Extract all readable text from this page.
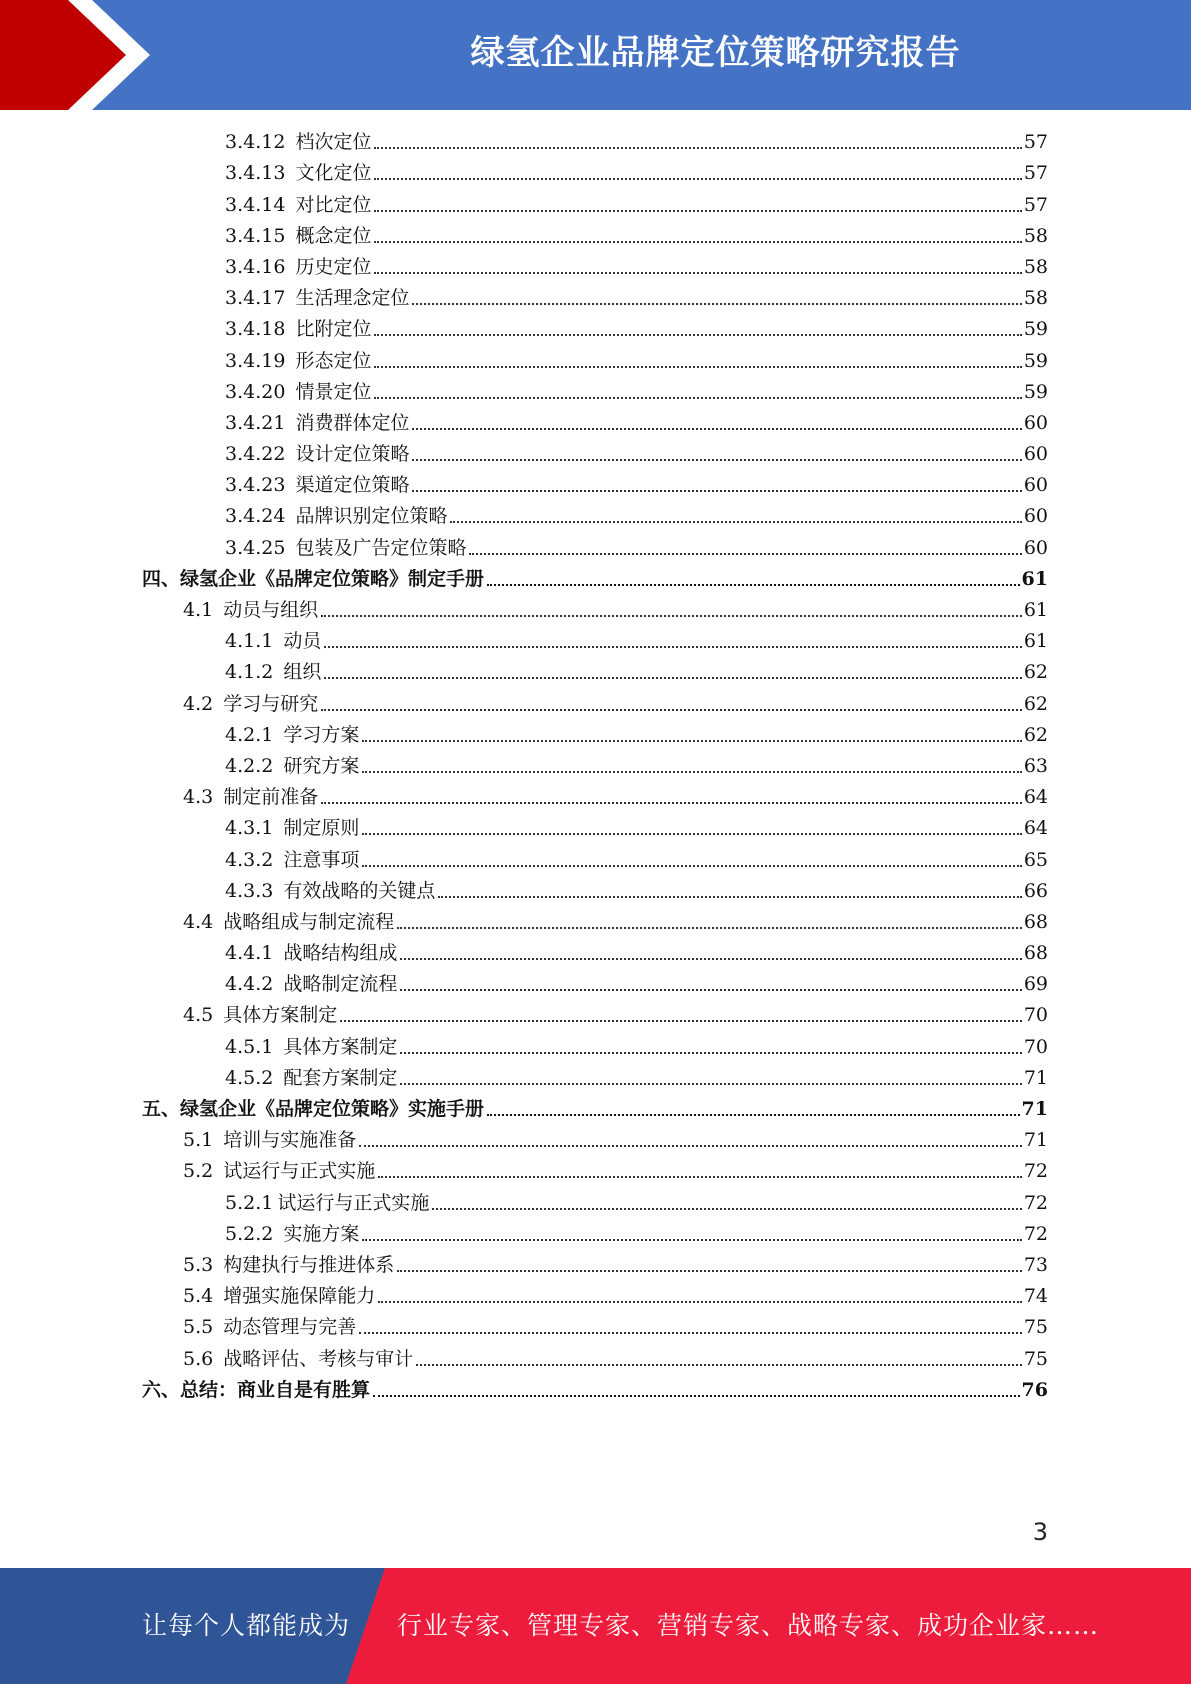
绿氢企业品牌定位策略研究报告
3.4.12 档次定位	57
3.4.13 文化定位	57
3.4.14 对比定位	57
3.4.15 概念定位	58
3.4.16 历史定位	58
3.4.17 生活理念定位	58
3.4.18 比附定位	59
3.4.19 形态定位	59
3.4.20 情景定位	59
3.4.21 消费群体定位	60
3.4.22 设计定位策略	60
3.4.23 渠道定位策略	60
3.4.24 品牌识别定位策略	60
3.4.25 包装及广告定位策略	60
四、绿氢企业《品牌定位策略》制定手册	61
4.1 动员与组织	61
4.1.1 动员	61
4.1.2 组织	62
4.2 学习与研究	62
4.2.1 学习方案	62
4.2.2 研究方案	63
4.3 制定前准备	64
4.3.1 制定原则	64
4.3.2 注意事项	65
4.3.3 有效战略的关键点	66
4.4 战略组成与制定流程	68
4.4.1 战略结构组成	68
4.4.2 战略制定流程	69
4.5 具体方案制定	70
4.5.1 具体方案制定	70
4.5.2 配套方案制定	71
五、绿氢企业《品牌定位策略》实施手册	71
5.1 培训与实施准备	71
5.2 试运行与正式实施	72
5.2.1 试运行与正式实施	72
5.2.2 实施方案	72
5.3 构建执行与推进体系	73
5.4 增强实施保障能力	74
5.5 动态管理与完善	75
5.6 战略评估、考核与审计	75
六、总结：商业自是有胜算	76
3
让每个人都能成为 行业专家、管理专家、营销专家、战略专家、成功企业家……
